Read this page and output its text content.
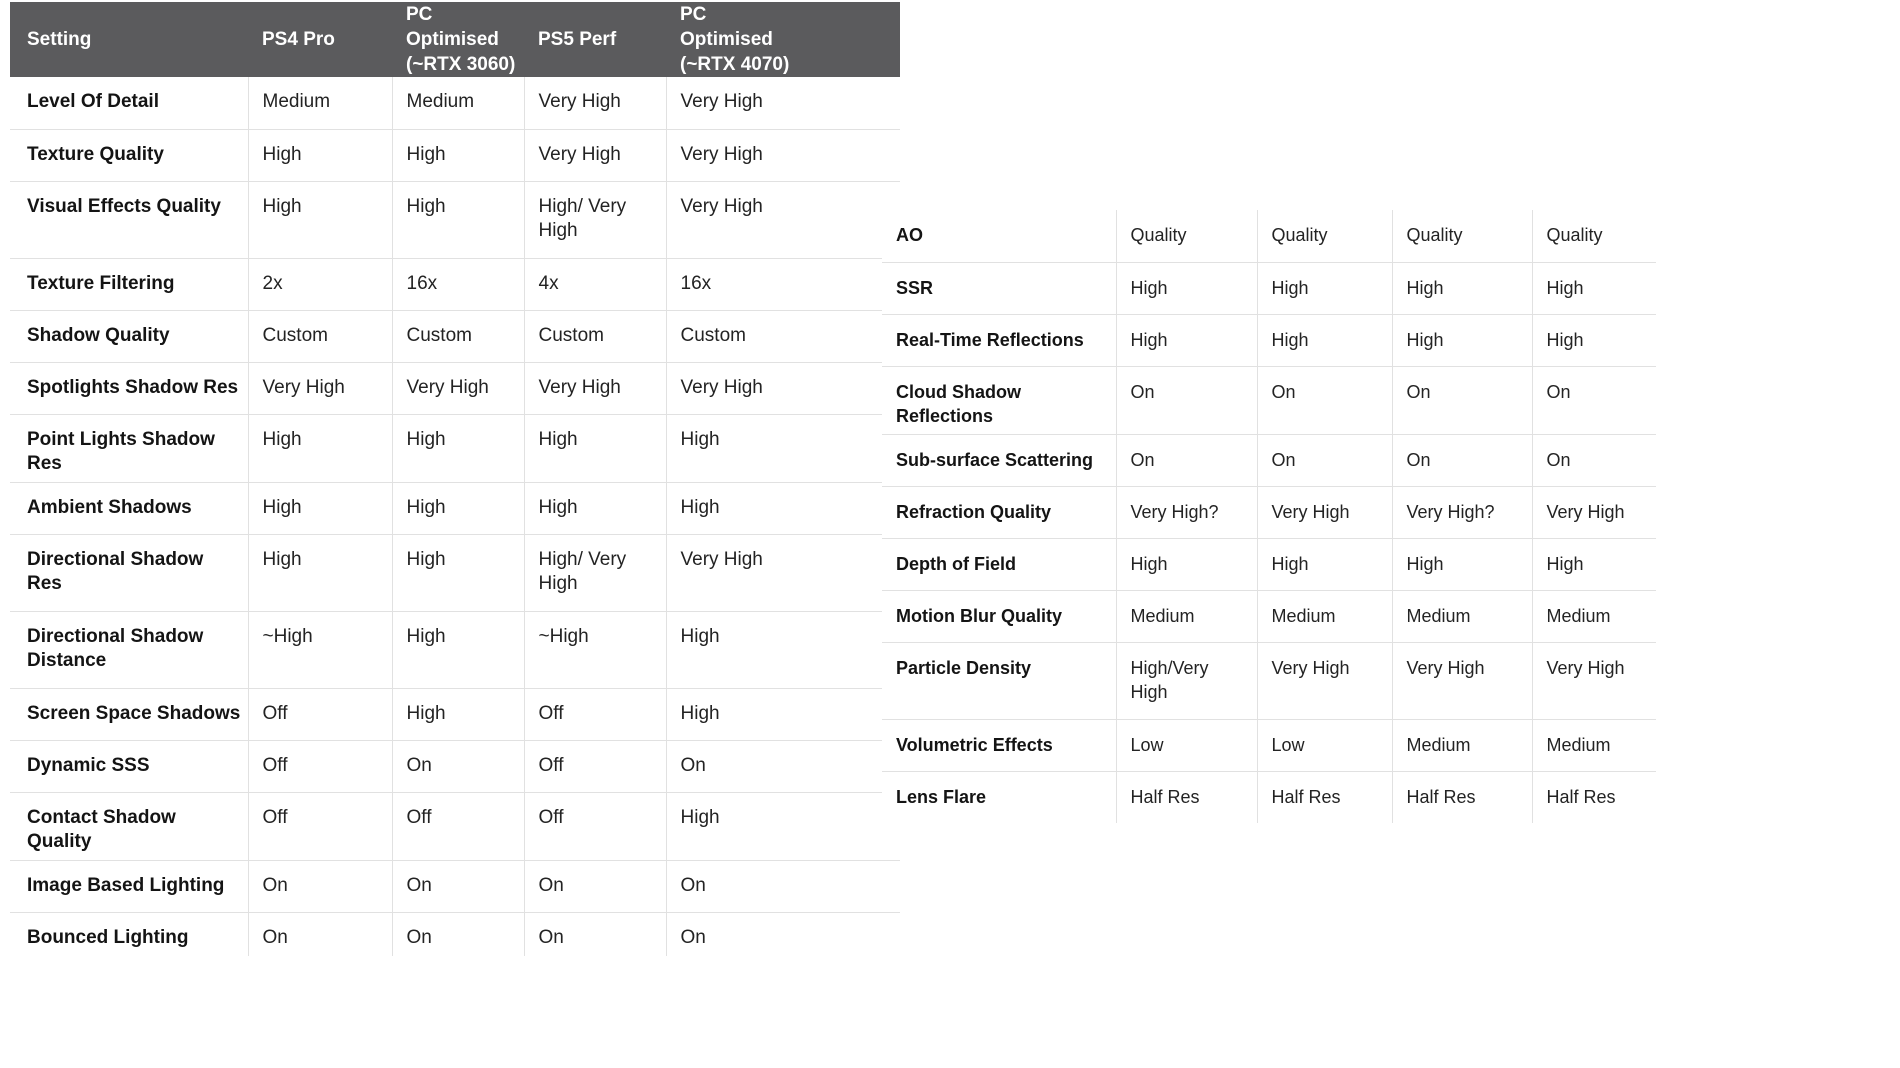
Setting	PS4 Pro	PC Optimised (~RTX 3060)	PS5 Perf	PC Optimised (~RTX 4070)
Level Of Detail	Medium	Medium	Very High	Very High
Texture Quality	High	High	Very High	Very High
Visual Effects Quality	High	High	High/ Very High	Very High
Texture Filtering	2x	16x	4x	16x
Shadow Quality	Custom	Custom	Custom	Custom
Spotlights Shadow Res	Very High	Very High	Very High	Very High
Point Lights Shadow Res	High	High	High	High
Ambient Shadows	High	High	High	High
Directional Shadow Res	High	High	High/ Very High	Very High
Directional Shadow Distance	~High	High	~High	High
Screen Space Shadows	Off	High	Off	High
Dynamic SSS	Off	On	Off	On
Contact Shadow Quality	Off	Off	Off	High
Image Based Lighting	On	On	On	On
Bounced Lighting	On	On	On	On
AO	Quality	Quality	Quality	Quality
SSR	High	High	High	High
Real-Time Reflections	High	High	High	High
Cloud Shadow Reflections	On	On	On	On
Sub-surface Scattering	On	On	On	On
Refraction Quality	Very High?	Very High	Very High?	Very High
Depth of Field	High	High	High	High
Motion Blur Quality	Medium	Medium	Medium	Medium
Particle Density	High/Very High	Very High	Very High	Very High
Volumetric Effects	Low	Low	Medium	Medium
Lens Flare	Half Res	Half Res	Half Res	Half Res
